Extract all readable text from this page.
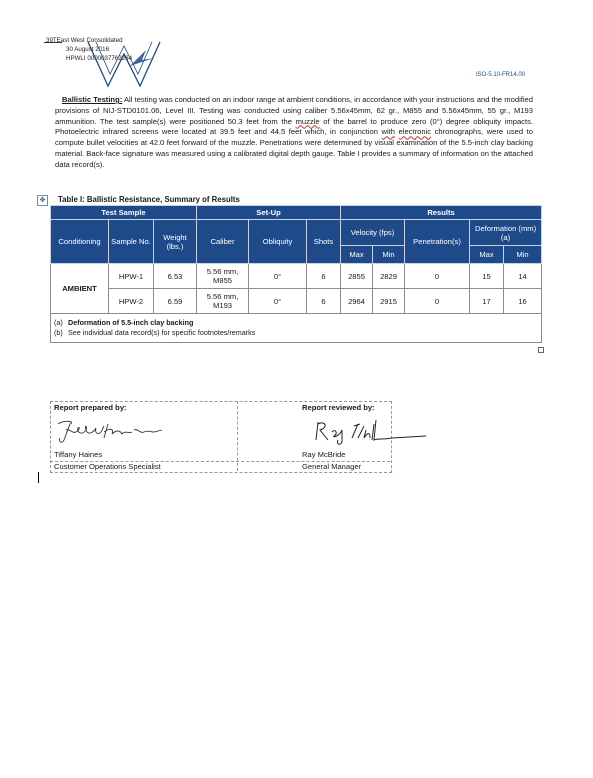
39TEast West Consolidated
30 August 2016
HPWLI 0000037762264
ISO-5.10-FR14.00
Ballistic Testing: All testing was conducted on an indoor range at ambient conditions, in accordance with your instructions and the modified provisions of NIJ-STD0101.06, Level III. Testing was conducted using caliber 5.56x45mm, 62 gr., M855 and 5.56x45mm, 55 gr., M193 ammunition. The test sample(s) were positioned 50.3 feet from the muzzle of the barrel to produce zero (0°) degree obliquity impacts. Photoelectric infrared screens were located at 39.5 feet and 44.5 feet which, in conjunction with electronic chronographs, were used to compute bullet velocities at 42.0 feet forward of the muzzle. Penetrations were determined by visual examination of the 5.5-inch clay backing material. Back-face signature was measured using a calibrated digital depth gauge. Table I provides a summary of information on the attached data record(s).
✥	Table I: Ballistic Resistance, Summary of Results
Test Sample			Set-Up			Results				
Conditioning	Sample No.	Weight (lbs.)	Caliber	Obliquity	Shots	Velocity (fps)		Penetration(s)	Deformation (mm) (a)	
						Max	Min		Max	Min
AMBIENT	HPW-1	6.53	5.56 mm, M855	0°	6	2855	2829	0	15	14
	HPW-2	6.59	5.56 mm, M193	0°	6	2964	2915	0	17	16

(a) Deformation of 5.5-inch clay backing
(b) See individual data record(s) for specific footnotes/remarks										
Report prepared by:	Report reviewed by:
Tiffany Haines
Customer Operations Specialist
Ray McBride
General Manager
